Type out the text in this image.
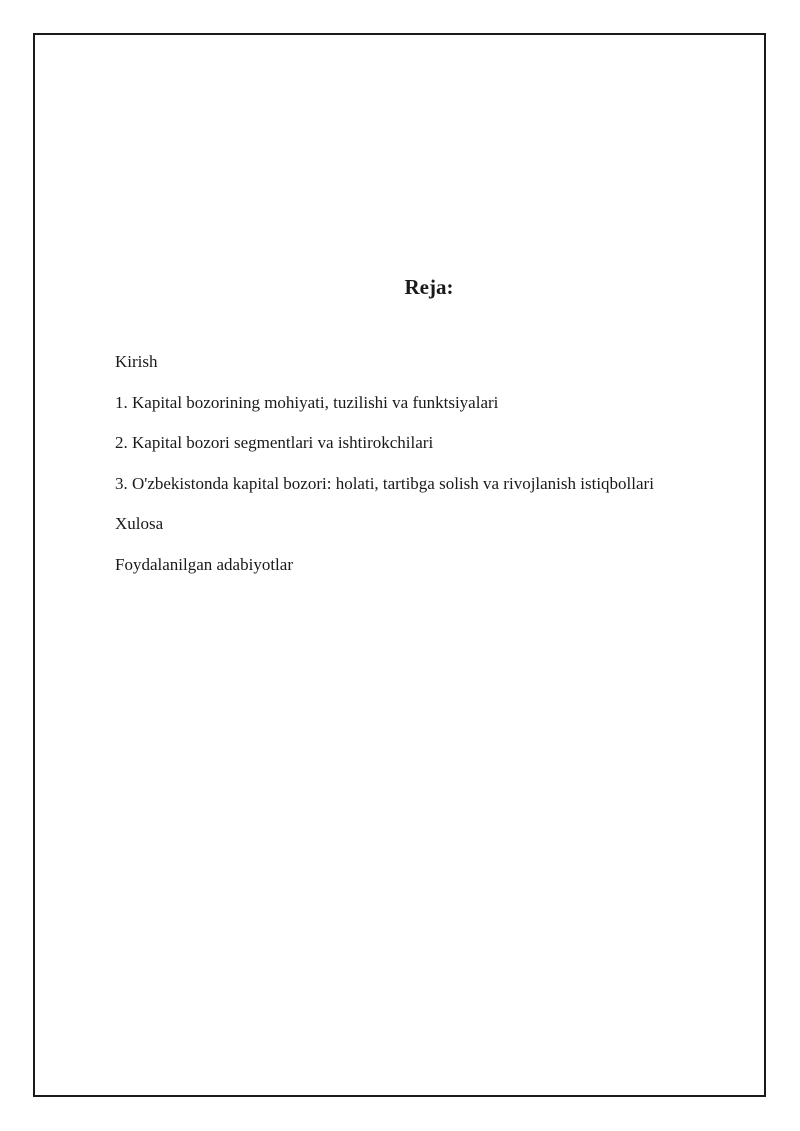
Reja:
Kirish
1. Kapital bozorining mohiyati, tuzilishi va funktsiyalari
2. Kapital bozori segmentlari va ishtirokchilari
3. O'zbekistonda kapital bozori: holati, tartibga solish va rivojlanish istiqbollari
Xulosa
Foydalanilgan adabiyotlar
